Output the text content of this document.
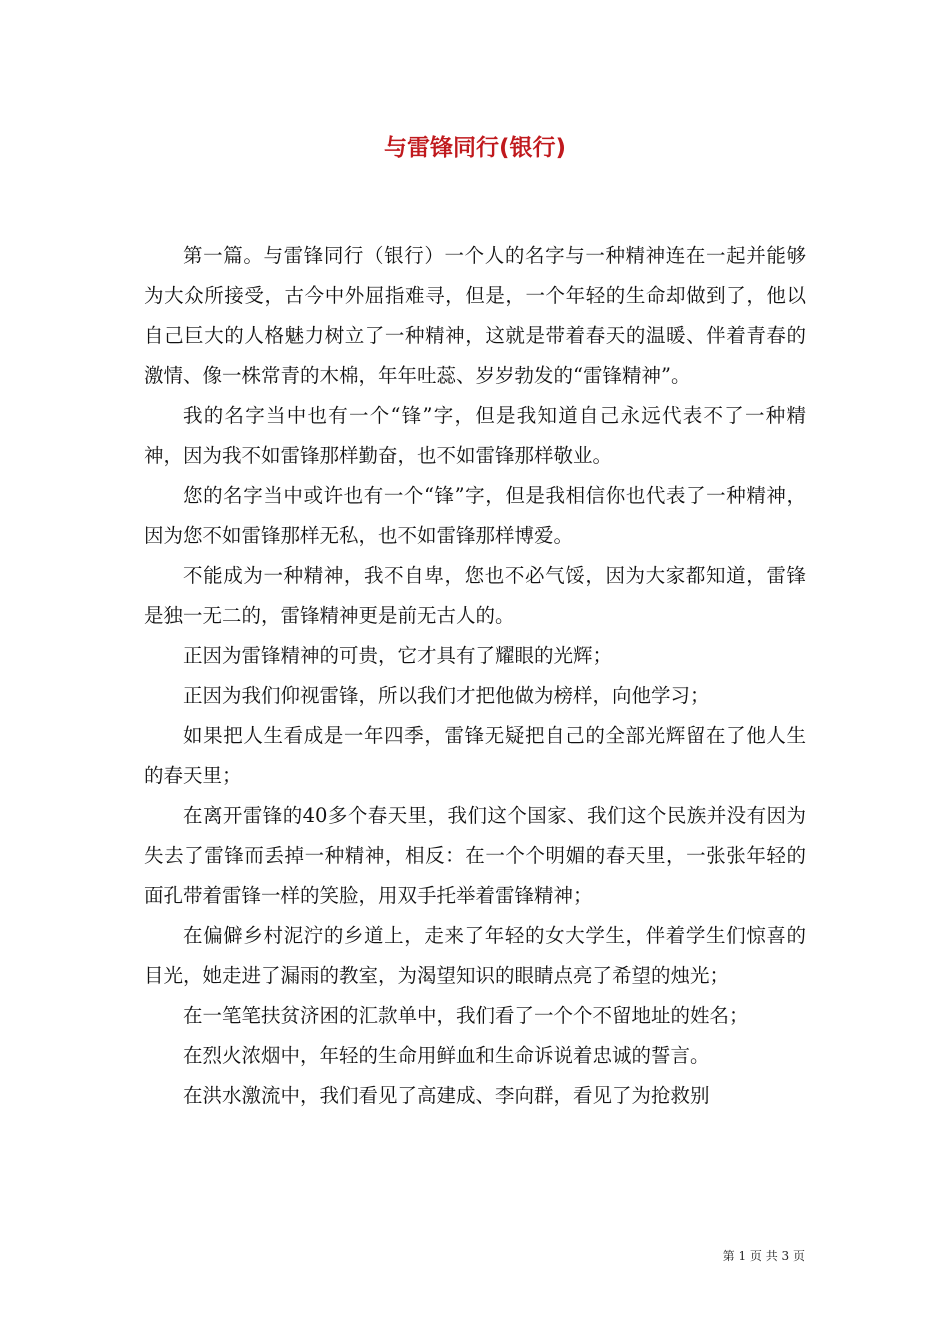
与雷锋同行(银行)

第一篇。与雷锋同行（银行）一个人的名字与一种精神连在一起并能够为大众所接受，古今中外屈指难寻，但是，一个年轻的生命却做到了，他以自己巨大的人格魅力树立了一种精神，这就是带着春天的温暖、伴着青春的激情、像一株常青的木棉，年年吐蕊、岁岁勃发的“雷锋精神”。

我的名字当中也有一个“锋”字，但是我知道自己永远代表不了一种精神，因为我不如雷锋那样勤奋，也不如雷锋那样敬业。

您的名字当中或许也有一个“锋”字，但是我相信你也代表了一种精神，因为您不如雷锋那样无私，也不如雷锋那样博爱。

不能成为一种精神，我不自卑，您也不必气馁，因为大家都知道，雷锋是独一无二的，雷锋精神更是前无古人的。

正因为雷锋精神的可贵，它才具有了耀眼的光辉；

正因为我们仰视雷锋，所以我们才把他做为榜样，向他学习；

如果把人生看成是一年四季，雷锋无疑把自己的全部光辉留在了他人生的春天里；

在离开雷锋的40多个春天里，我们这个国家、我们这个民族并没有因为失去了雷锋而丢掉一种精神，相反：在一个个明媚的春天里，一张张年轻的面孔带着雷锋一样的笑脸，用双手托举着雷锋精神；

在偏僻乡村泥泞的乡道上，走来了年轻的女大学生，伴着学生们惊喜的目光，她走进了漏雨的教室，为渴望知识的眼睛点亮了希望的烛光；

在一笔笔扶贫济困的汇款单中，我们看了一个个不留地址的姓名；

在烈火浓烟中，年轻的生命用鲜血和生命诉说着忠诚的誓言。

在洪水激流中，我们看见了高建成、李向群，看见了为抢救别

第 1 页 共 3 页
